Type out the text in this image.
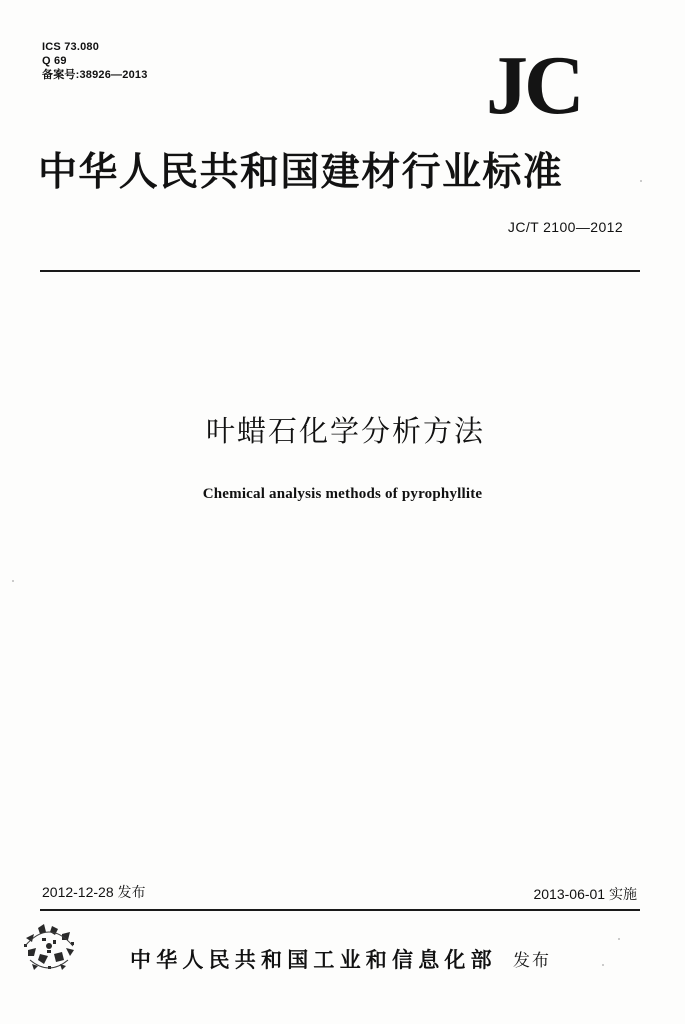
ICS 73.080
Q 69
备案号:38926—2013	JC
中华人民共和国建材行业标准
JC/T 2100—2012
叶蜡石化学分析方法
Chemical analysis methods of pyrophyllite
2012-12-28 发布	2013-06-01 实施
中华人民共和国工业和信息化部 发布
